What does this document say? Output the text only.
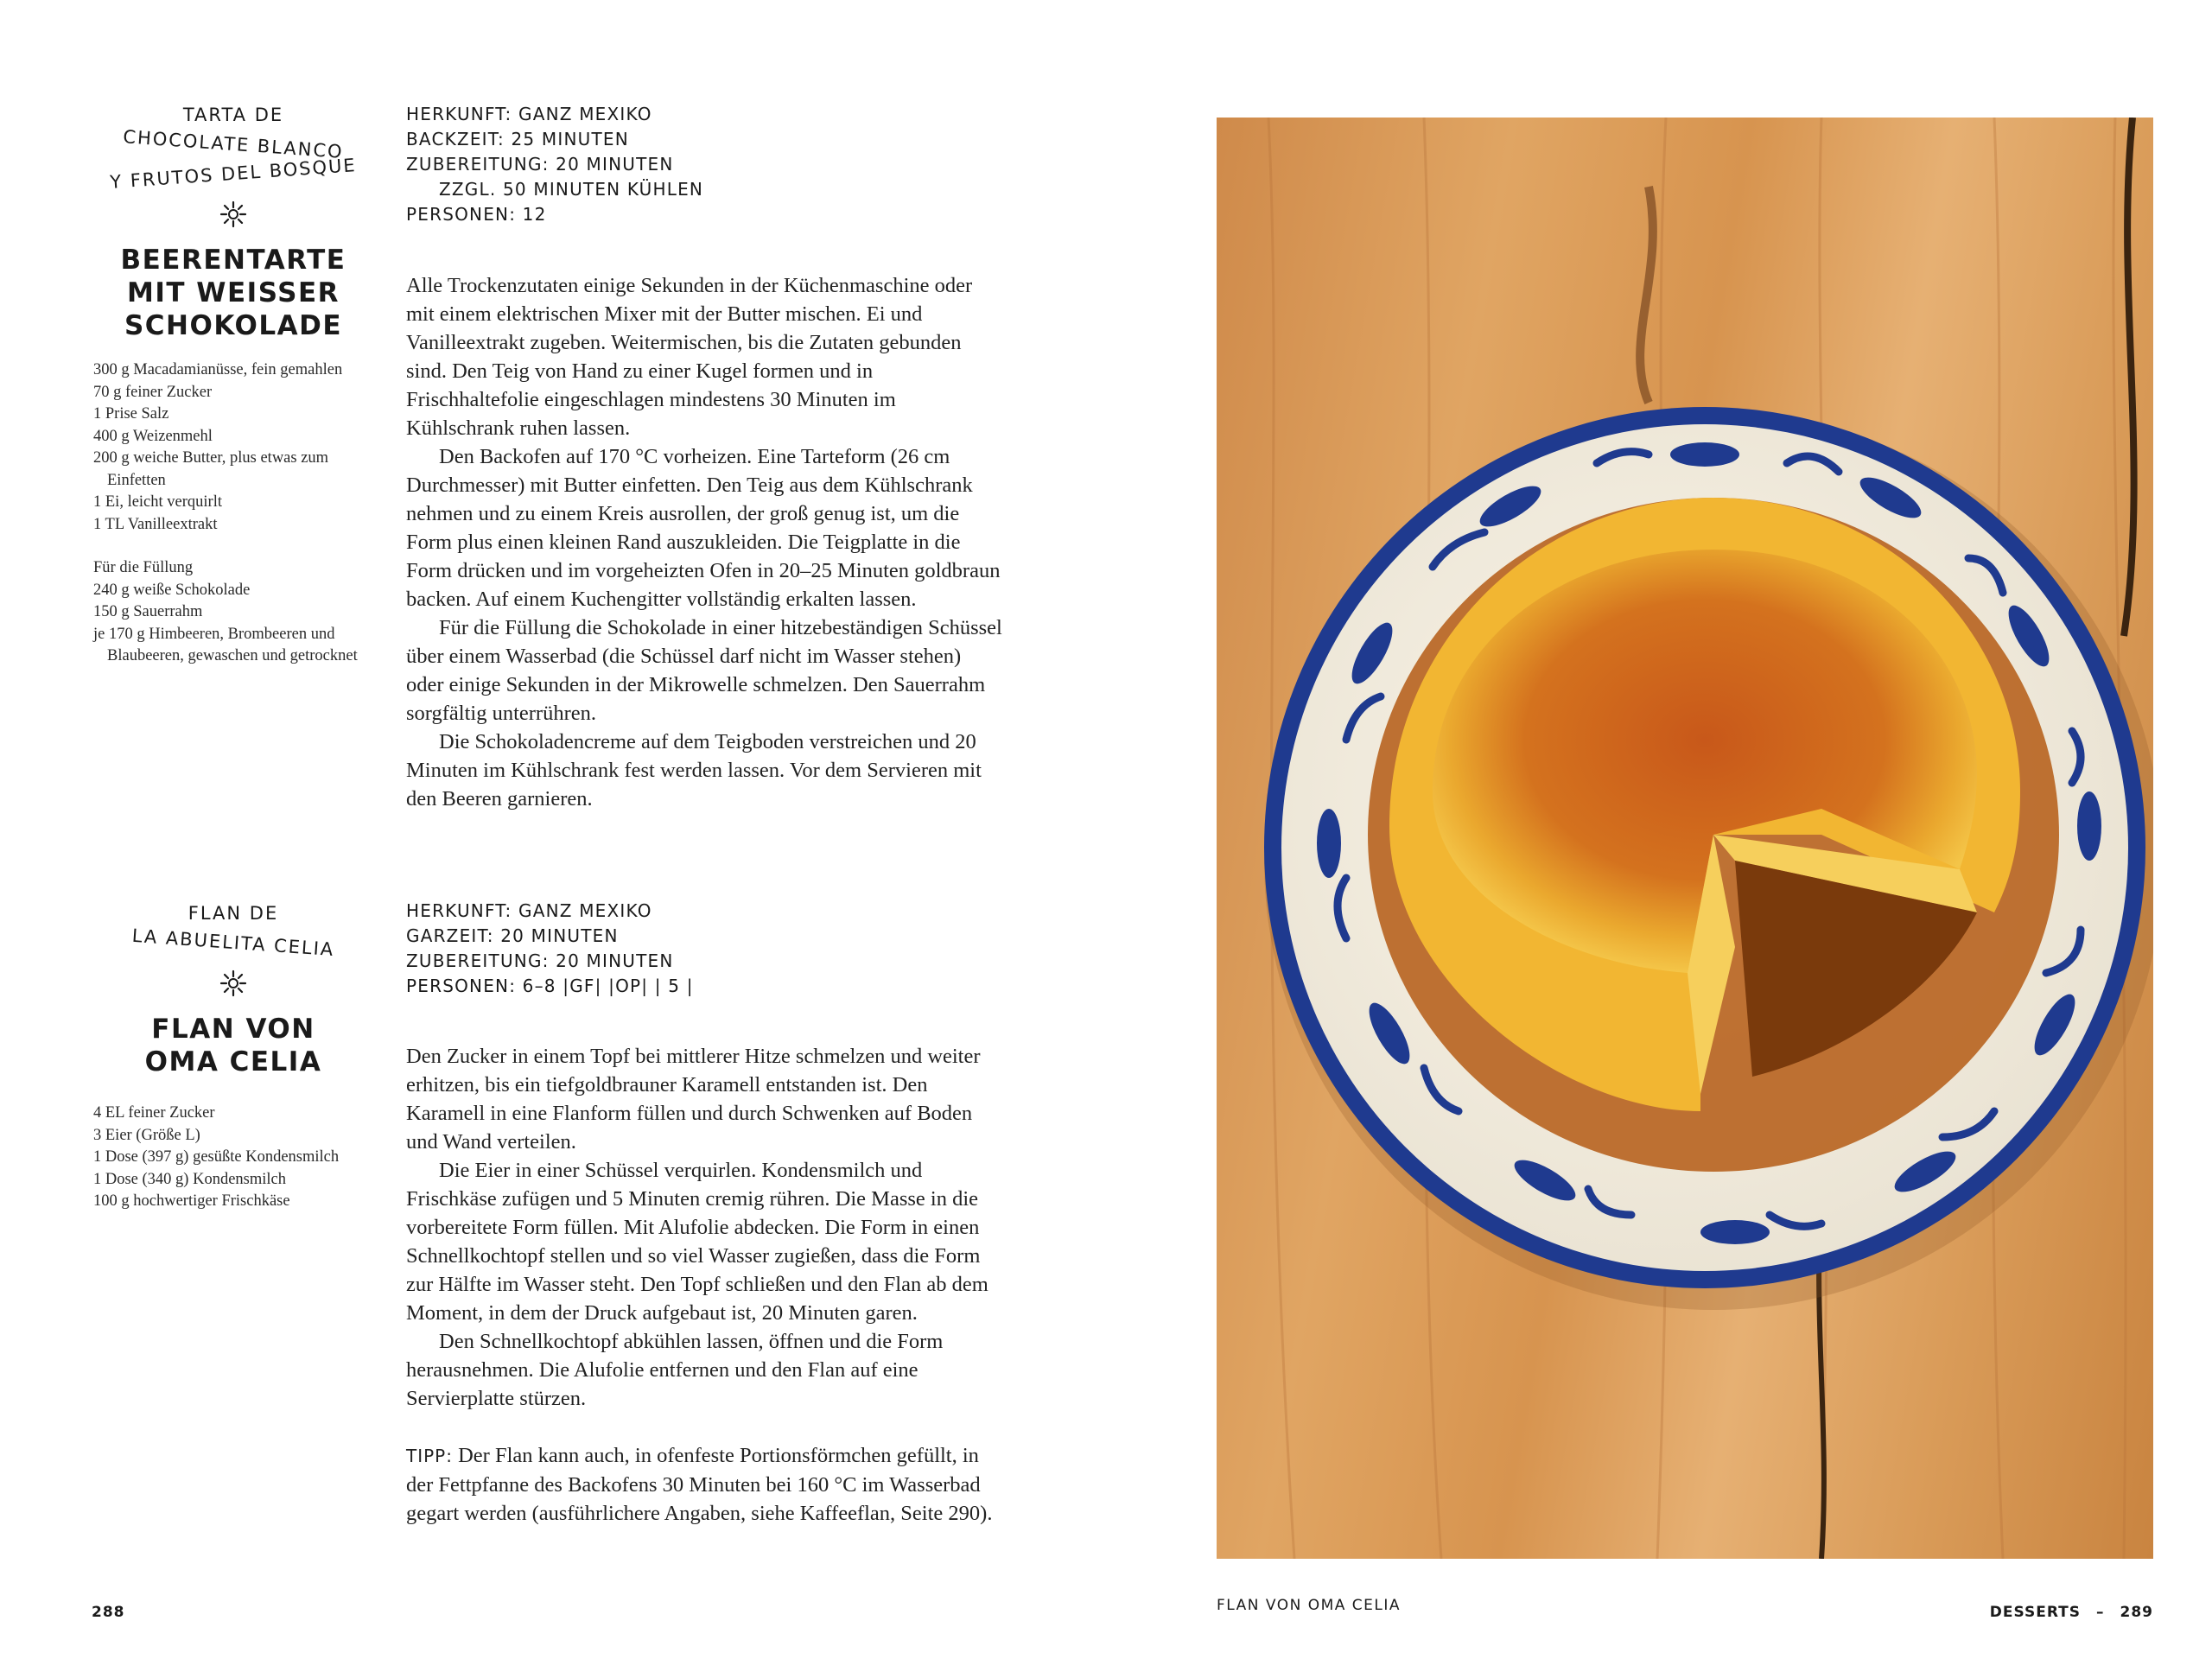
TARTA DE
CHOCOLATE BLANCO
Y FRUTOS DEL BOSQUE
BEERENTARTE
MIT WEISSER
SCHOKOLADE
300 g Macadamianüsse, fein gemahlen
70 g feiner Zucker
1 Prise Salz
400 g Weizenmehl
200 g weiche Butter, plus etwas zum Einfetten
1 Ei, leicht verquirlt
1 TL Vanilleextrakt
Für die Füllung
240 g weiße Schokolade
150 g Sauerrahm
je 170 g Himbeeren, Brombeeren und Blaubeeren, gewaschen und getrocknet
HERKUNFT: GANZ MEXIKO
BACKZEIT: 25 MINUTEN
ZUBEREITUNG: 20 MINUTEN
ZZGL. 50 MINUTEN KÜHLEN
PERSONEN: 12

Alle Trockenzutaten einige Sekunden in der Küchenmaschine oder mit einem elektrischen Mixer mit der Butter mischen. Ei und Vanilleextrakt zugeben. Weitermischen, bis die Zutaten gebunden sind. Den Teig von Hand zu einer Kugel formen und in Frischhaltefolie eingeschlagen mindestens 30 Minuten im Kühlschrank ruhen lassen.

Den Backofen auf 170 °C vorheizen. Eine Tarteform (26 cm Durchmesser) mit Butter einfetten. Den Teig aus dem Kühlschrank nehmen und zu einem Kreis ausrollen, der groß genug ist, um die Form plus einen kleinen Rand auszukleiden. Die Teigplatte in die Form drücken und im vorgeheizten Ofen in 20–25 Minuten goldbraun backen. Auf einem Kuchengitter vollständig erkalten lassen.

Für die Füllung die Schokolade in einer hitzebeständigen Schüssel über einem Wasserbad (die Schüssel darf nicht im Wasser stehen) oder einige Sekunden in der Mikrowelle schmelzen. Den Sauerrahm sorgfältig unterrühren.

Die Schokoladencreme auf dem Teigboden verstreichen und 20 Minuten im Kühlschrank fest werden lassen. Vor dem Servieren mit den Beeren garnieren.

FLAN DE
LA ABUELITA CELIA
FLAN VON
OMA CELIA
4 EL feiner Zucker
3 Eier (Größe L)
1 Dose (397 g) gesüßte Kondensmilch
1 Dose (340 g) Kondensmilch
100 g hochwertiger Frischkäse
HERKUNFT: GANZ MEXIKO
GARZEIT: 20 MINUTEN
ZUBEREITUNG: 20 MINUTEN
PERSONEN: 6–8 |GF| |OP| | 5 |

Den Zucker in einem Topf bei mittlerer Hitze schmelzen und weiter erhitzen, bis ein tiefgoldbrauner Karamell entstanden ist. Den Karamell in eine Flanform füllen und durch Schwenken auf Boden und Wand verteilen.

Die Eier in einer Schüssel verquirlen. Kondensmilch und Frischkäse zufügen und 5 Minuten cremig rühren. Die Masse in die vorbereitete Form füllen. Mit Alufolie abdecken. Die Form in einen Schnellkochtopf stellen und so viel Wasser zugießen, dass die Form zur Hälfte im Wasser steht. Den Topf schließen und den Flan ab dem Moment, in dem der Druck aufgebaut ist, 20 Minuten garen.

Den Schnellkochtopf abkühlen lassen, öffnen und die Form herausnehmen. Die Alufolie entfernen und den Flan auf eine Servierplatte stürzen.

TIPP: Der Flan kann auch, in ofenfeste Portionsförmchen gefüllt, in der Fettpfanne des Backofens 30 Minuten bei 160 °C im Wasserbad gegart werden (ausführlichere Angaben, siehe Kaffeeflan, Seite 290).
288	FLAN VON OMA CELIA	DESSERTS – 289
